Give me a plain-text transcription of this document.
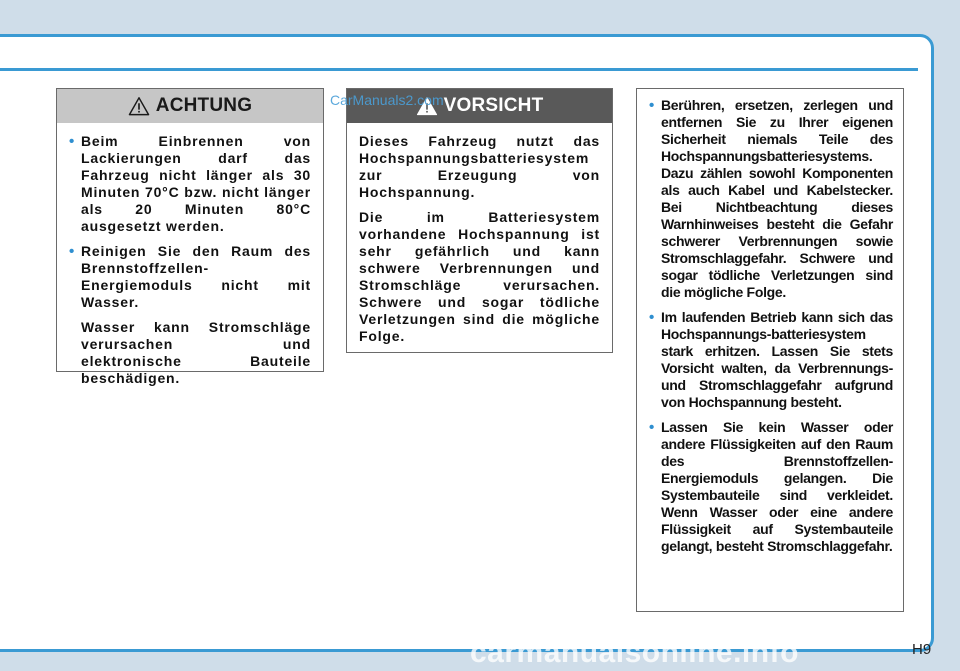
ACHTUNG

• Beim Einbrennen von Lackierungen darf das Fahrzeug nicht länger als 30 Minuten 70°C bzw. nicht länger als 20 Minuten 80°C ausgesetzt werden.

• Reinigen Sie den Raum des Brennstoffzellen-Energiemoduls nicht mit Wasser.

Wasser kann Stromschläge verursachen und elektronische Bauteile beschädigen.

VORSICHT

Dieses Fahrzeug nutzt das Hochspannungsbatteriesystem zur Erzeugung von Hochspannung.

Die im Batteriesystem vorhandene Hochspannung ist sehr gefährlich und kann schwere Verbrennungen und Stromschläge verursachen. Schwere und sogar tödliche Verletzungen sind die mögliche Folge.

• Berühren, ersetzen, zerlegen und entfernen Sie zu Ihrer eigenen Sicherheit niemals Teile des Hochspannungsbatteriesystems. Dazu zählen sowohl Komponenten als auch Kabel und Kabelstecker. Bei Nichtbeachtung dieses Warnhinweises besteht die Gefahr schwerer Verbrennungen sowie Stromschlaggefahr. Schwere und sogar tödliche Verletzungen sind die mögliche Folge.

• Im laufenden Betrieb kann sich das Hochspannungs-batteriesystem stark erhitzen. Lassen Sie stets Vorsicht walten, da Verbrennungs- und Stromschlaggefahr aufgrund von Hochspannung besteht.

• Lassen Sie kein Wasser oder andere Flüssigkeiten auf den Raum des Brennstoffzellen-Energiemoduls gelangen. Die Systembauteile sind verkleidet. Wenn Wasser oder eine andere Flüssigkeit auf Systembauteile gelangt, besteht Stromschlaggefahr.

CarManuals2.com
carmanualsonline.info	H9
